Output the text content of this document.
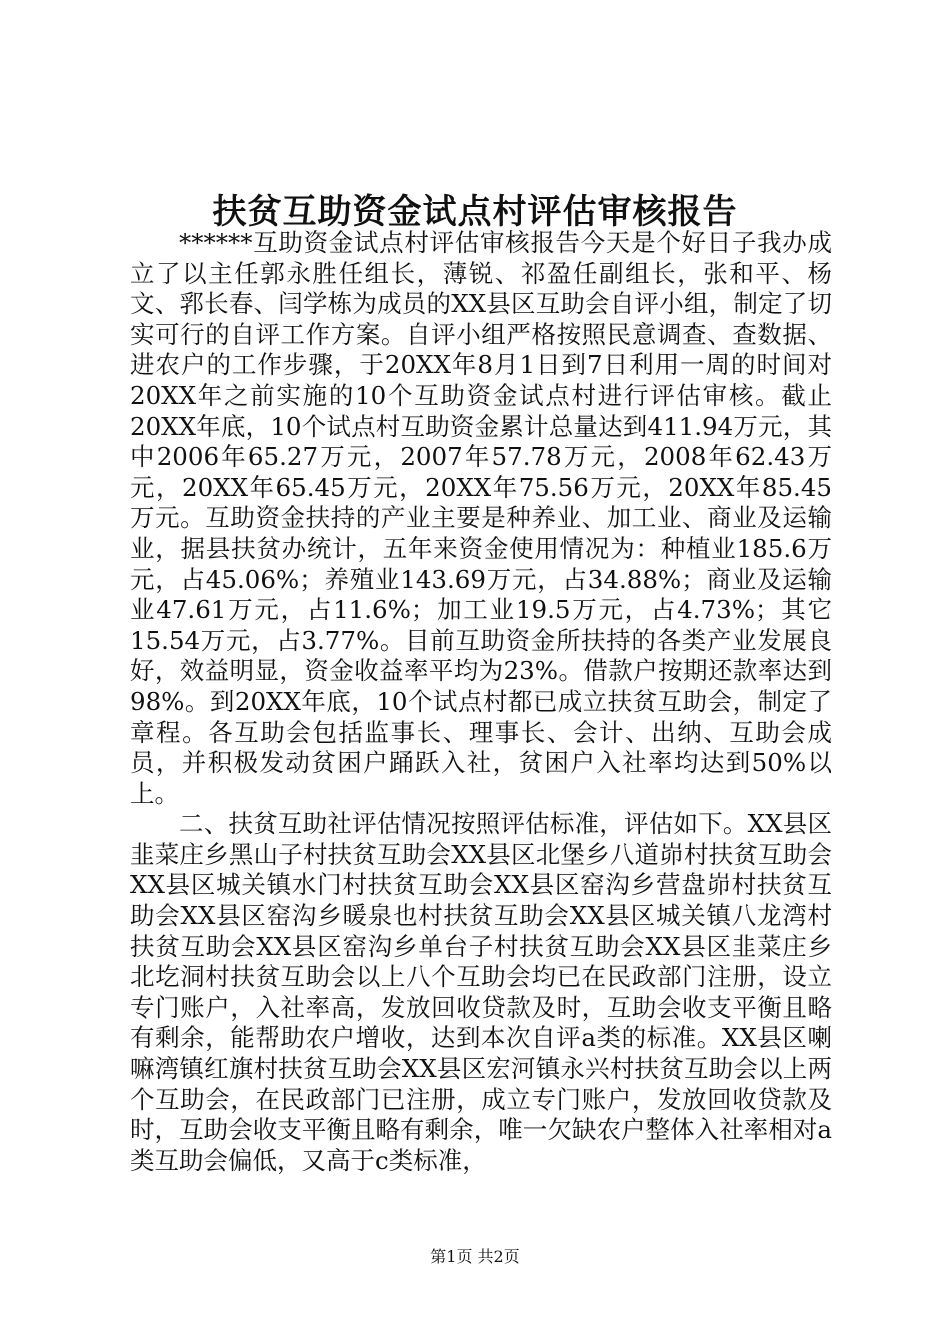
扶贫互助资金试点村评估审核报告

******互助资金试点村评估审核报告今天是个好日子我办成立了以主任郭永胜任组长，薄锐、祁盈任副组长，张和平、杨文、郛长春、闫学栋为成员的XX县区互助会自评小组，制定了切实可行的自评工作方案。自评小组严格按照民意调查、查数据、进农户的工作步骤，于20XX年8月1日到7日利用一周的时间对20XX年之前实施的10个互助资金试点村进行评估审核。截止20XX年底，10个试点村互助资金累计总量达到411.94万元，其中2006年65.27万元，2007年57.78万元，2008年62.43万元，20XX年65.45万元，20XX年75.56万元，20XX年85.45万元。互助资金扶持的产业主要是种养业、加工业、商业及运输业，据县扶贫办统计，五年来资金使用情况为：种植业185.6万元，占45.06%；养殖业143.69万元，占34.88%；商业及运输业47.61万元，占11.6%；加工业19.5万元，占4.73%；其它15.54万元，占3.77%。目前互助资金所扶持的各类产业发展良好，效益明显，资金收益率平均为23%。借款户按期还款率达到98%。到20XX年底，10个试点村都已成立扶贫互助会，制定了章程。各互助会包括监事长、理事长、会计、出纳、互助会成员，并积极发动贫困户踊跃入社，贫困户入社率均达到50%以上。

二、扶贫互助社评估情况按照评估标准，评估如下。XX县区韭菜庄乡黑山子村扶贫互助会XX县区北堡乡八道峁村扶贫互助会XX县区城关镇水门村扶贫互助会XX县区窑沟乡营盘峁村扶贫互助会XX县区窑沟乡暖泉也村扶贫互助会XX县区城关镇八龙湾村扶贫互助会XX县区窑沟乡单台子村扶贫互助会XX县区韭菜庄乡北圪洞村扶贫互助会以上八个互助会均已在民政部门注册，设立专门账户，入社率高，发放回收贷款及时，互助会收支平衡且略有剩余，能帮助农户增收，达到本次自评a类的标准。XX县区喇嘛湾镇红旗村扶贫互助会XX县区宏河镇永兴村扶贫互助会以上两个互助会，在民政部门已注册，成立专门账户，发放回收贷款及时，互助会收支平衡且略有剩余，唯一欠缺农户整体入社率相对a类互助会偏低，又高于c类标准，

第1页 共2页
